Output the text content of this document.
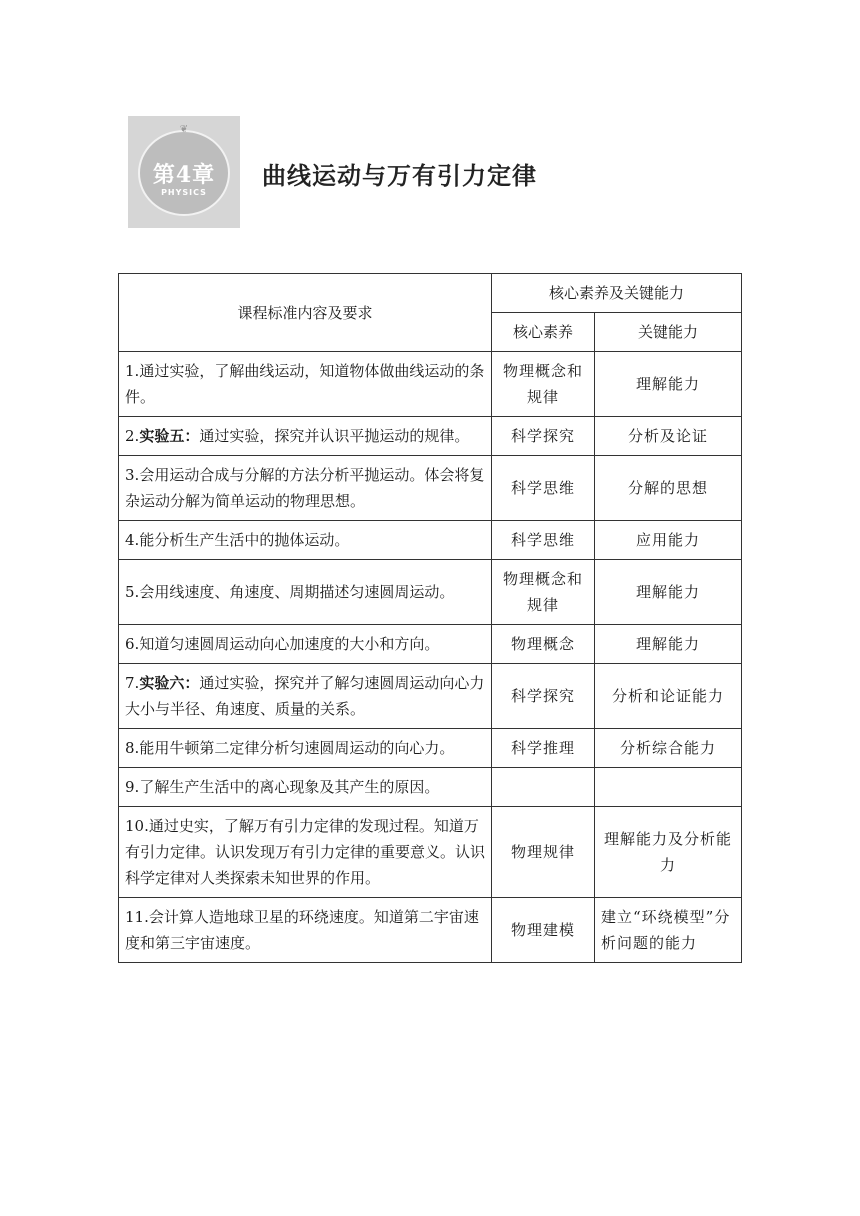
❦
第4章
PHYSICS
曲线运动与万有引力定律
课程标准内容及要求	核心素养及关键能力	
	核心素养	关键能力
1.通过实验，了解曲线运动，知道物体做曲线运动的条件。	物理概念和规律	理解能力
2.实验五：通过实验，探究并认识平抛运动的规律。	科学探究	分析及论证
3.会用运动合成与分解的方法分析平抛运动。体会将复杂运动分解为简单运动的物理思想。	科学思维	分解的思想
4.能分析生产生活中的抛体运动。	科学思维	应用能力
5.会用线速度、角速度、周期描述匀速圆周运动。	物理概念和规律	理解能力
6.知道匀速圆周运动向心加速度的大小和方向。	物理概念	理解能力
7.实验六：通过实验，探究并了解匀速圆周运动向心力大小与半径、角速度、质量的关系。	科学探究	分析和论证能力
8.能用牛顿第二定律分析匀速圆周运动的向心力。	科学推理	分析综合能力
9.了解生产生活中的离心现象及其产生的原因。		
10.通过史实，了解万有引力定律的发现过程。知道万有引力定律。认识发现万有引力定律的重要意义。认识科学定律对人类探索未知世界的作用。	物理规律	理解能力及分析能力
11.会计算人造地球卫星的环绕速度。知道第二宇宙速度和第三宇宙速度。	物理建模	建立“环绕模型”分析问题的能力
